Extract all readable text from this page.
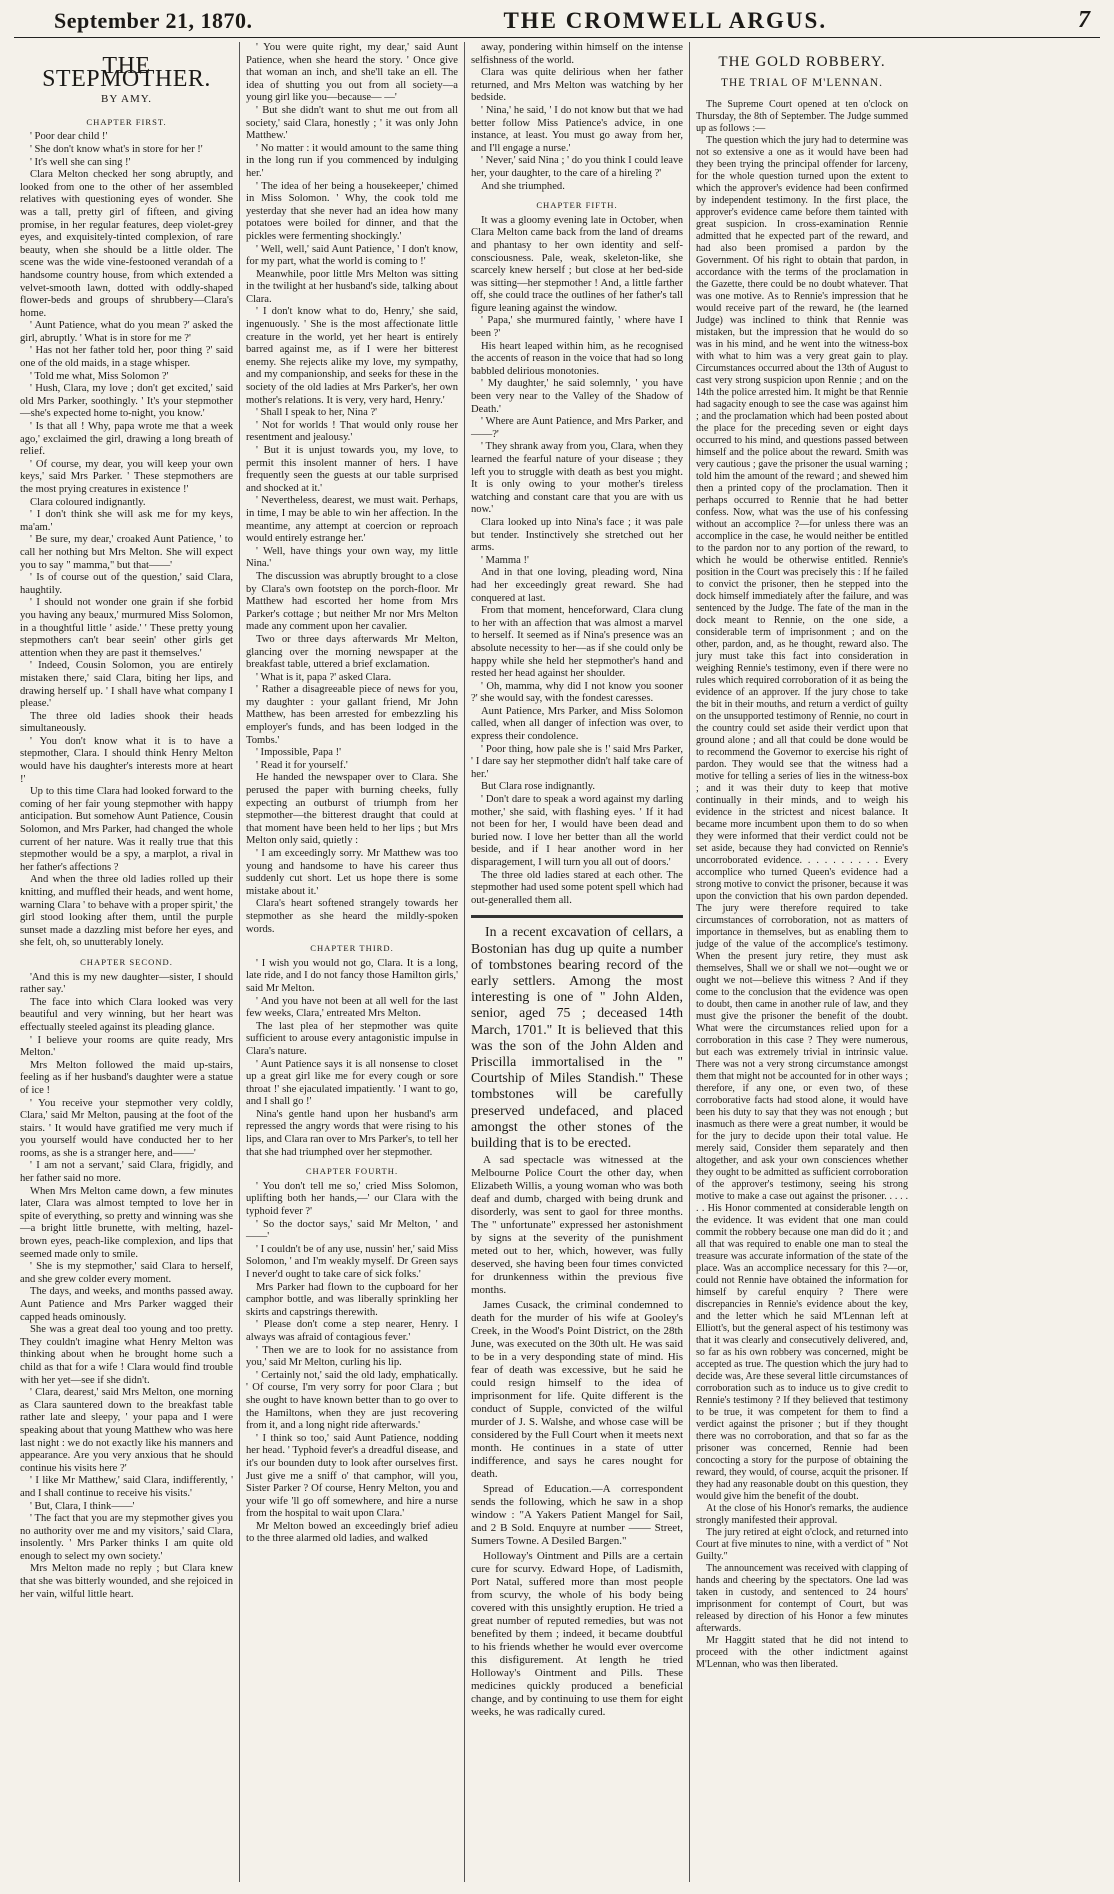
September 21, 1870.	THE CROMWELL ARGUS.	7
THE STEPMOTHER.
BY AMY.
CHAPTER FIRST.

' Poor dear child !'

' She don't know what's in store for her !'

' It's well she can sing !'

Clara Melton checked her song abruptly, and looked from one to the other of her assembled relatives with questioning eyes of wonder. She was a tall, pretty girl of fifteen, and giving promise, in her regular features, deep violet-grey eyes, and exquisitely-tinted complexion, of rare beauty, when she should be a little older. The scene was the wide vine-festooned verandah of a handsome country house, from which extended a velvet-smooth lawn, dotted with oddly-shaped flower-beds and groups of shrubbery—Clara's home.

' Aunt Patience, what do you mean ?' asked the girl, abruptly. ' What is in store for me ?'

' Has not her father told her, poor thing ?' said one of the old maids, in a stage whisper.

' Told me what, Miss Solomon ?'

' Hush, Clara, my love ; don't get excited,' said old Mrs Parker, soothingly. ' It's your stepmother—she's expected home to-night, you know.'

' Is that all ! Why, papa wrote me that a week ago,' exclaimed the girl, drawing a long breath of relief.

' Of course, my dear, you will keep your own keys,' said Mrs Parker. ' These stepmothers are the most prying creatures in existence !'

Clara coloured indignantly.

' I don't think she will ask me for my keys, ma'am.'

' Be sure, my dear,' croaked Aunt Patience, ' to call her nothing but Mrs Melton. She will expect you to say " mamma," but that——'

' Is of course out of the question,' said Clara, haughtily.

' I should not wonder one grain if she forbid you having any beaux,' murmured Miss Solomon, in a thoughtful little ' aside.' ' These pretty young stepmothers can't bear seein' other girls get attention when they are past it themselves.'

' Indeed, Cousin Solomon, you are entirely mistaken there,' said Clara, biting her lips, and drawing herself up. ' I shall have what company I please.'

The three old ladies shook their heads simultaneously.

' You don't know what it is to have a stepmother, Clara. I should think Henry Melton would have his daughter's interests more at heart !'

Up to this time Clara had looked forward to the coming of her fair young stepmother with happy anticipation. But somehow Aunt Patience, Cousin Solomon, and Mrs Parker, had changed the whole current of her nature. Was it really true that this stepmother would be a spy, a marplot, a rival in her father's affections ?

And when the three old ladies rolled up their knitting, and muffled their heads, and went home, warning Clara ' to behave with a proper spirit,' the girl stood looking after them, until the purple sunset made a dazzling mist before her eyes, and she felt, oh, so unutterably lonely.

CHAPTER SECOND.

'And this is my new daughter—sister, I should rather say.'

The face into which Clara looked was very beautiful and very winning, but her heart was effectually steeled against its pleading glance.

' I believe your rooms are quite ready, Mrs Melton.'

Mrs Melton followed the maid up-stairs, feeling as if her husband's daughter were a statue of ice !

' You receive your stepmother very coldly, Clara,' said Mr Melton, pausing at the foot of the stairs. ' It would have gratified me very much if you yourself would have conducted her to her rooms, as she is a stranger here, and——'

' I am not a servant,' said Clara, frigidly, and her father said no more.

When Mrs Melton came down, a few minutes later, Clara was almost tempted to love her in spite of everything, so pretty and winning was she—a bright little brunette, with melting, hazel-brown eyes, peach-like complexion, and lips that seemed made only to smile.

' She is my stepmother,' said Clara to herself, and she grew colder every moment.

The days, and weeks, and months passed away. Aunt Patience and Mrs Parker wagged their capped heads ominously.

She was a great deal too young and too pretty. They couldn't imagine what Henry Melton was thinking about when he brought home such a child as that for a wife ! Clara would find trouble with her yet—see if she didn't.

' Clara, dearest,' said Mrs Melton, one morning as Clara sauntered down to the breakfast table rather late and sleepy, ' your papa and I were speaking about that young Matthew who was here last night : we do not exactly like his manners and appearance. Are you very anxious that he should continue his visits here ?'

' I like Mr Matthew,' said Clara, indifferently, ' and I shall continue to receive his visits.'

' But, Clara, I think——'

' The fact that you are my stepmother gives you no authority over me and my visitors,' said Clara, insolently. ' Mrs Parker thinks I am quite old enough to select my own society.'

Mrs Melton made no reply ; but Clara knew that she was bitterly wounded, and she rejoiced in her vain, wilful little heart.

' You were quite right, my dear,' said Aunt Patience, when she heard the story. ' Once give that woman an inch, and she'll take an ell. The idea of shutting you out from all society—a young girl like you—because— —'

' But she didn't want to shut me out from all society,' said Clara, honestly ; ' it was only John Matthew.'

' No matter : it would amount to the same thing in the long run if you commenced by indulging her.'

' The idea of her being a housekeeper,' chimed in Miss Solomon. ' Why, the cook told me yesterday that she never had an idea how many potatoes were boiled for dinner, and that the pickles were fermenting shockingly.'

' Well, well,' said Aunt Patience, ' I don't know, for my part, what the world is coming to !'

Meanwhile, poor little Mrs Melton was sitting in the twilight at her husband's side, talking about Clara.

' I don't know what to do, Henry,' she said, ingenuously. ' She is the most affectionate little creature in the world, yet her heart is entirely barred against me, as if I were her bitterest enemy. She rejects alike my love, my sympathy, and my companionship, and seeks for these in the society of the old ladies at Mrs Parker's, her own mother's relations. It is very, very hard, Henry.'

' Shall I speak to her, Nina ?'

' Not for worlds ! That would only rouse her resentment and jealousy.'

' But it is unjust towards you, my love, to permit this insolent manner of hers. I have frequently seen the guests at our table surprised and shocked at it.'

' Nevertheless, dearest, we must wait. Perhaps, in time, I may be able to win her affection. In the meantime, any attempt at coercion or reproach would entirely estrange her.'

' Well, have things your own way, my little Nina.'

The discussion was abruptly brought to a close by Clara's own footstep on the porch-floor. Mr Matthew had escorted her home from Mrs Parker's cottage ; but neither Mr nor Mrs Melton made any comment upon her cavalier.

Two or three days afterwards Mr Melton, glancing over the morning newspaper at the breakfast table, uttered a brief exclamation.

' What is it, papa ?' asked Clara.

' Rather a disagreeable piece of news for you, my daughter : your gallant friend, Mr John Matthew, has been arrested for embezzling his employer's funds, and has been lodged in the Tombs.'

' Impossible, Papa !'

' Read it for yourself.'

He handed the newspaper over to Clara. She perused the paper with burning cheeks, fully expecting an outburst of triumph from her stepmother—the bitterest draught that could at that moment have been held to her lips ; but Mrs Melton only said, quietly :

' I am exceedingly sorry. Mr Matthew was too young and handsome to have his career thus suddenly cut short. Let us hope there is some mistake about it.'

Clara's heart softened strangely towards her stepmother as she heard the mildly-spoken words.

CHAPTER THIRD.

' I wish you would not go, Clara. It is a long, late ride, and I do not fancy those Hamilton girls,' said Mr Melton.

' And you have not been at all well for the last few weeks, Clara,' entreated Mrs Melton.

The last plea of her stepmother was quite sufficient to arouse every antagonistic impulse in Clara's nature.

' Aunt Patience says it is all nonsense to closet up a great girl like me for every cough or sore throat !' she ejaculated impatiently. ' I want to go, and I shall go !'

Nina's gentle hand upon her husband's arm repressed the angry words that were rising to his lips, and Clara ran over to Mrs Parker's, to tell her that she had triumphed over her stepmother.

CHAPTER FOURTH.

' You don't tell me so,' cried Miss Solomon, uplifting both her hands,—' our Clara with the typhoid fever ?'

' So the doctor says,' said Mr Melton, ' and ——'

' I couldn't be of any use, nussin' her,' said Miss Solomon, ' and I'm weakly myself. Dr Green says I never'd ought to take care of sick folks.'

Mrs Parker had flown to the cupboard for her camphor bottle, and was liberally sprinkling her skirts and capstrings therewith.

' Please don't come a step nearer, Henry. I always was afraid of contagious fever.'

' Then we are to look for no assistance from you,' said Mr Melton, curling his lip.

' Certainly not,' said the old lady, emphatically. ' Of course, I'm very sorry for poor Clara ; but she ought to have known better than to go over to the Hamiltons, when they are just recovering from it, and a long night ride afterwards.'

' I think so too,' said Aunt Patience, nodding her head. ' Typhoid fever's a dreadful disease, and it's our bounden duty to look after ourselves first. Just give me a sniff o' that camphor, will you, Sister Parker ? Of course, Henry Melton, you and your wife 'll go off somewhere, and hire a nurse from the hospital to wait upon Clara.'

Mr Melton bowed an exceedingly brief adieu to the three alarmed old ladies, and walked

away, pondering within himself on the intense selfishness of the world.

Clara was quite delirious when her father returned, and Mrs Melton was watching by her bedside.

' Nina,' he said, ' I do not know but that we had better follow Miss Patience's advice, in one instance, at least. You must go away from her, and I'll engage a nurse.'

' Never,' said Nina ; ' do you think I could leave her, your daughter, to the care of a hireling ?'

And she triumphed.

CHAPTER FIFTH.

It was a gloomy evening late in October, when Clara Melton came back from the land of dreams and phantasy to her own identity and self-consciousness. Pale, weak, skeleton-like, she scarcely knew herself ; but close at her bed-side was sitting—her stepmother ! And, a little farther off, she could trace the outlines of her father's tall figure leaning against the window.

' Papa,' she murmured faintly, ' where have I been ?'

His heart leaped within him, as he recognised the accents of reason in the voice that had so long babbled delirious monotonies.

' My daughter,' he said solemnly, ' you have been very near to the Valley of the Shadow of Death.'

' Where are Aunt Patience, and Mrs Parker, and——?'

' They shrank away from you, Clara, when they learned the fearful nature of your disease ; they left you to struggle with death as best you might. It is only owing to your mother's tireless watching and constant care that you are with us now.'

Clara looked up into Nina's face ; it was pale but tender. Instinctively she stretched out her arms.

' Mamma !'

And in that one loving, pleading word, Nina had her exceedingly great reward. She had conquered at last.

From that moment, henceforward, Clara clung to her with an affection that was almost a marvel to herself. It seemed as if Nina's presence was an absolute necessity to her—as if she could only be happy while she held her stepmother's hand and rested her head against her shoulder.

' Oh, mamma, why did I not know you sooner ?' she would say, with the fondest caresses.

Aunt Patience, Mrs Parker, and Miss Solomon called, when all danger of infection was over, to express their condolence.

' Poor thing, how pale she is !' said Mrs Parker, ' I dare say her stepmother didn't half take care of her.'

But Clara rose indignantly.

' Don't dare to speak a word against my darling mother,' she said, with flashing eyes. ' If it had not been for her, I would have been dead and buried now. I love her better than all the world beside, and if I hear another word in her disparagement, I will turn you all out of doors.'

The three old ladies stared at each other. The stepmother had used some potent spell which had out-generalled them all.

In a recent excavation of cellars, a Bostonian has dug up quite a number of tombstones bearing record of the early settlers. Among the most interesting is one of " John Alden, senior, aged 75 ; deceased 14th March, 1701." It is believed that this was the son of the John Alden and Priscilla immortalised in the " Courtship of Miles Standish." These tombstones will be carefully preserved undefaced, and placed amongst the other stones of the building that is to be erected.

A sad spectacle was witnessed at the Melbourne Police Court the other day, when Elizabeth Willis, a young woman who was both deaf and dumb, charged with being drunk and disorderly, was sent to gaol for three months. The " unfortunate" expressed her astonishment by signs at the severity of the punishment meted out to her, which, however, was fully deserved, she having been four times convicted for drunkenness within the previous five months.

James Cusack, the criminal condemned to death for the murder of his wife at Gooley's Creek, in the Wood's Point District, on the 28th June, was executed on the 30th ult. He was said to be in a very desponding state of mind. His fear of death was excessive, but he said he could resign himself to the idea of imprisonment for life. Quite different is the conduct of Supple, convicted of the wilful murder of J. S. Walshe, and whose case will be considered by the Full Court when it meets next month. He continues in a state of utter indifference, and says he cares nought for death.

Spread of Education.—A correspondent sends the following, which he saw in a shop window : "A Yakers Patient Mangel for Sail, and 2 B Sold. Enquyre at number —— Street, Sumers Towne. A Desiled Bargen."

Holloway's Ointment and Pills are a certain cure for scurvy. Edward Hope, of Ladismith, Port Natal, suffered more than most people from scurvy, the whole of his body being covered with this unsightly eruption. He tried a great number of reputed remedies, but was not benefited by them ; indeed, it became doubtful to his friends whether he would ever overcome this disfigurement. At length he tried Holloway's Ointment and Pills. These medicines quickly produced a beneficial change, and by continuing to use them for eight weeks, he was radically cured.

THE GOLD ROBBERY.
THE TRIAL OF M'LENNAN.

The Supreme Court opened at ten o'clock on Thursday, the 8th of September. The Judge summed up as follows :—

The question which the jury had to determine was not so extensive a one as it would have been had they been trying the principal offender for larceny, for the whole question turned upon the extent to which the approver's evidence had been confirmed by independent testimony. In the first place, the approver's evidence came before them tainted with great suspicion. In cross-examination Rennie admitted that he expected part of the reward, and had also been promised a pardon by the Government. Of his right to obtain that pardon, in accordance with the terms of the proclamation in the Gazette, there could be no doubt whatever. That was one motive. As to Rennie's impression that he would receive part of the reward, he (the learned Judge) was inclined to think that Rennie was mistaken, but the impression that he would do so was in his mind, and he went into the witness-box with what to him was a very great gain to play. Circumstances occurred about the 13th of August to cast very strong suspicion upon Rennie ; and on the 14th the police arrested him. It might be that Rennie had sagacity enough to see the case was against him ; and the proclamation which had been posted about the place for the preceding seven or eight days occurred to his mind, and questions passed between himself and the police about the reward. Smith was very cautious ; gave the prisoner the usual warning ; told him the amount of the reward ; and shewed him then a printed copy of the proclamation. Then it perhaps occurred to Rennie that he had better confess. Now, what was the use of his confessing without an accomplice ?—for unless there was an accomplice in the case, he would neither be entitled to the pardon nor to any portion of the reward, to which he would be otherwise entitled. Rennie's position in the Court was precisely this : If he failed to convict the prisoner, then he stepped into the dock himself immediately after the failure, and was sentenced by the Judge. The fate of the man in the dock meant to Rennie, on the one side, a considerable term of imprisonment ; and on the other, pardon, and, as he thought, reward also. The jury must take this fact into consideration in weighing Rennie's testimony, even if there were no rules which required corroboration of it as being the evidence of an approver. If the jury chose to take the bit in their mouths, and return a verdict of guilty on the unsupported testimony of Rennie, no court in the country could set aside their verdict upon that ground alone ; and all that could be done would be to recommend the Governor to exercise his right of pardon. They would see that the witness had a motive for telling a series of lies in the witness-box ; and it was their duty to keep that motive continually in their minds, and to weigh his evidence in the strictest and nicest balance. It became more incumbent upon them to do so when they were informed that their verdict could not be set aside, because they had convicted on Rennie's uncorroborated evidence. . . . . . . . . . Every accomplice who turned Queen's evidence had a strong motive to convict the prisoner, because it was upon the conviction that his own pardon depended. The jury were therefore required to take circumstances of corroboration, not as matters of importance in themselves, but as enabling them to judge of the value of the accomplice's testimony. When the present jury retire, they must ask themselves, Shall we or shall we not—ought we or ought we not—believe this witness ? And if they come to the conclusion that the evidence was open to doubt, then came in another rule of law, and they must give the prisoner the benefit of the doubt. What were the circumstances relied upon for a corroboration in this case ? They were numerous, but each was extremely trivial in intrinsic value. There was not a very strong circumstance amongst them that might not be accounted for in other ways ; therefore, if any one, or even two, of these corroborative facts had stood alone, it would have been his duty to say that they was not enough ; but inasmuch as there were a great number, it would be for the jury to decide upon their total value. He merely said, Consider them separately and then altogether, and ask your own consciences whether they ought to be admitted as sufficient corroboration of the approver's testimony, seeing his strong motive to make a case out against the prisoner. . . . . . . His Honor commented at considerable length on the evidence. It was evident that one man could commit the robbery because one man did do it ; and all that was required to enable one man to steal the treasure was accurate information of the state of the place. Was an accomplice necessary for this ?—or, could not Rennie have obtained the information for himself by careful enquiry ? There were discrepancies in Rennie's evidence about the key, and the letter which he said M'Lennan left at Elliott's, but the general aspect of his testimony was that it was clearly and consecutively delivered, and, so far as his own robbery was concerned, might be accepted as true. The question which the jury had to decide was, Are these several little circumstances of corroboration such as to induce us to give credit to Rennie's testimony ? If they believed that testimony to be true, it was competent for them to find a verdict against the prisoner ; but if they thought there was no corroboration, and that so far as the prisoner was concerned, Rennie had been concocting a story for the purpose of obtaining the reward, they would, of course, acquit the prisoner. If they had any reasonable doubt on this question, they would give him the benefit of the doubt.

At the close of his Honor's remarks, the audience strongly manifested their approval.

The jury retired at eight o'clock, and returned into Court at five minutes to nine, with a verdict of " Not Guilty."

The announcement was received with clapping of hands and cheering by the spectators. One lad was taken in custody, and sentenced to 24 hours' imprisonment for contempt of Court, but was released by direction of his Honor a few minutes afterwards.

Mr Haggitt stated that he did not intend to proceed with the other indictment against M'Lennan, who was then liberated.
